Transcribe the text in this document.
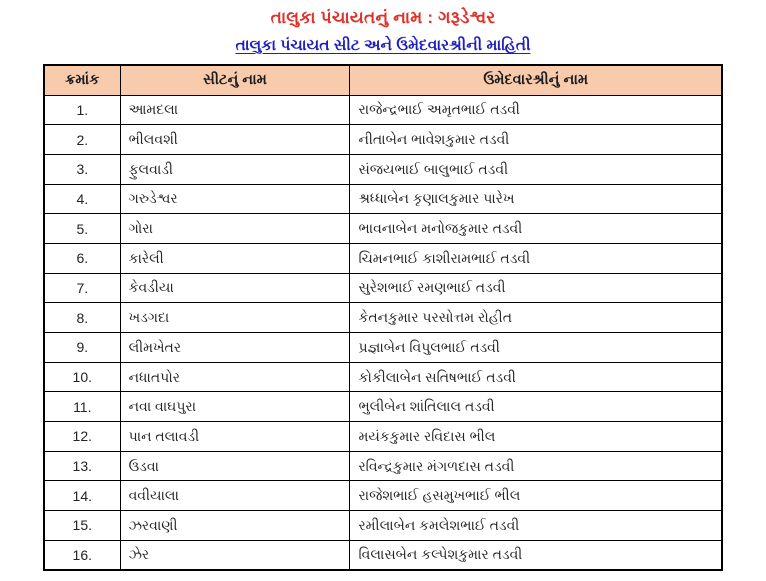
તાલુકા પંચાયતનું નામ : ગરૂડેશ્વર
તાલુકા પંચાયત સીટ અને ઉમેદવારશ્રીની માહિતી
ક્રમાંક	સીટનું નામ	ઉમેદવારશ્રીનું નામ
1.	આમદલા	રાજેન્દ્રભાઈ અમૃતભાઈ તડવી
2.	ભીલવશી	નીતાબેન ભાવેશકુમાર તડવી
3.	ફુલવાડી	સંજયભાઈ બાલુભાઈ તડવી
4.	ગરુડેશ્વર	શ્રધ્ધાબેન કૃણાલકુમાર પારેખ
5.	ગોરા	ભાવનાબેન મનોજકુમાર તડવી
6.	કારેલી	ચિમનભાઈ કાશીરામભાઈ તડવી
7.	કેવડીયા	સુરેશભાઈ રમણભાઈ તડવી
8.	ખડગદા	કેતનકુમાર પરસોત્તમ રોહીત
9.	લીમખેતર	પ્રજ્ઞાબેન વિપુલભાઈ તડવી
10.	નધાતપોર	કોકીલાબેન સતિષભાઈ તડવી
11.	નવા વાઘપુરા	ભુલીબેન શાંતિલાલ તડવી
12.	પાન તલાવડી	મયંકકુમાર રવિદાસ ભીલ
13.	ઉડવા	રવિન્દ્રકુમાર મંગળદાસ તડવી
14.	વવીયાલા	રાજેશભાઈ હસમુખભાઈ ભીલ
15.	ઝરવાણી	રમીલાબેન કમલેશભાઈ તડવી
16.	ઝેર	વિલાસબેન કલ્પેશકુમાર તડવી
